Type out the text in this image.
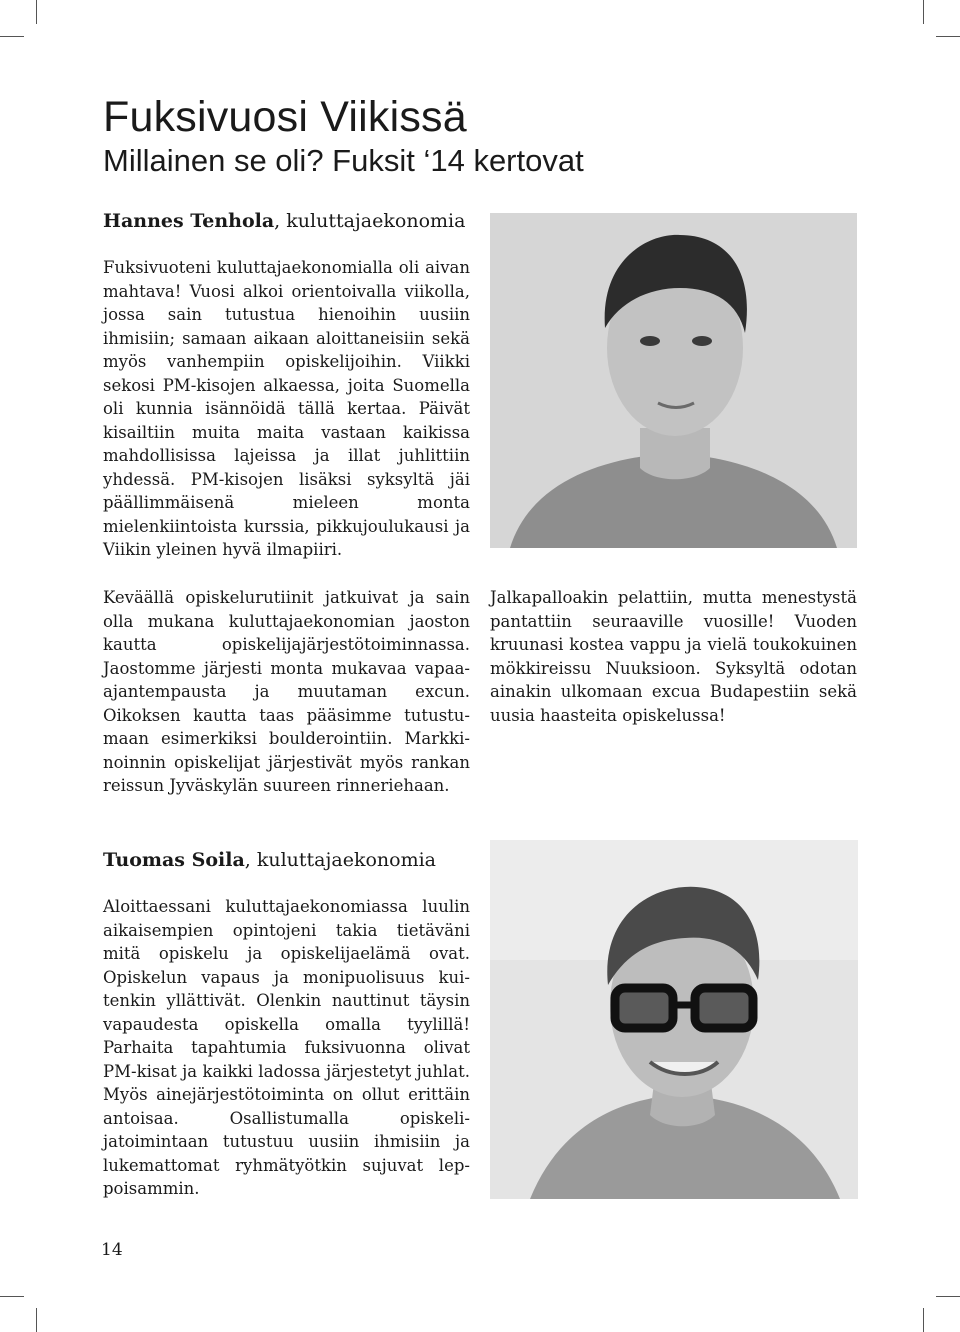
Fuksivuosi Viikissä
Millainen se oli? Fuksit ‘14 kertovat
Hannes Tenhola, kuluttajaekonomia

Fuksivuoteni kuluttajaekonomialla oli aivan mahtava! Vuosi alkoi orientoivalla viikolla, jossa sain tutustua hienoihin uusiin ihmisiin; samaan aikaan aloittaneisiin sekä myös vanhempiin opiskelijoihin. Viikki sekosi PM-kisojen alkaessa, joita Suomella oli kunnia isännöidä tällä kertaa. Päivät kisailtiin muita maita vastaan kaikissa mahdollisissa lajeissa ja illat juhlittiin yhdessä. PM-kisojen lisäksi syksyltä jäi päällimmäisenä mieleen monta mielenkiintoista kurssia, pikkujoulukausi ja Viikin yleinen hyvä ilmapiiri.

Keväällä opiskelurutiinit jatkuivat ja sain olla mukana kuluttajaekonomian jaoston kautta opiskelijajärjestötoiminnassa. Jaostomme järjesti monta mukavaa vapaa-ajantempausta ja muutaman excun. Oikoksen kautta taas pääsimme tutustumaan esimerkiksi boulderointiin. Markkinoinnin opiskelijat järjestivät myös rankan reissun Jyväskylän suureen rinneriehaan.

Jalkapalloakin pelattiin, mutta menestystä pantattiin seuraaville vuosille! Vuoden kruunasi kostea vappu ja vielä toukokuinen mökkireissu Nuuksioon. Syksyltä odotan ainakin ulkomaan excua Budapestiin sekä uusia haasteita opiskelussa!

Tuomas Soila, kuluttajaekonomia

Aloittaessani kuluttajaekonomiassa luulin aikaisempien opintojeni takia tietäväni mitä opiskelu ja opiskelijaelämä ovat. Opiskelun vapaus ja monipuolisuus kuitenkin yllättivät. Olenkin nauttinut täysin vapaudesta opiskella omalla tyylillä! Parhaita tapahtumia fuksivuonna olivat PM-kisat ja kaikki ladossa järjestetyt juhlat. Myös ainejärjestötoiminta on ollut erittäin antoisaa. Osallistumalla opiskelijatoimintaan tutustuu uusiin ihmisiin ja lukemattomat ryhmätyötkin sujuvat leppoisammin.

14
